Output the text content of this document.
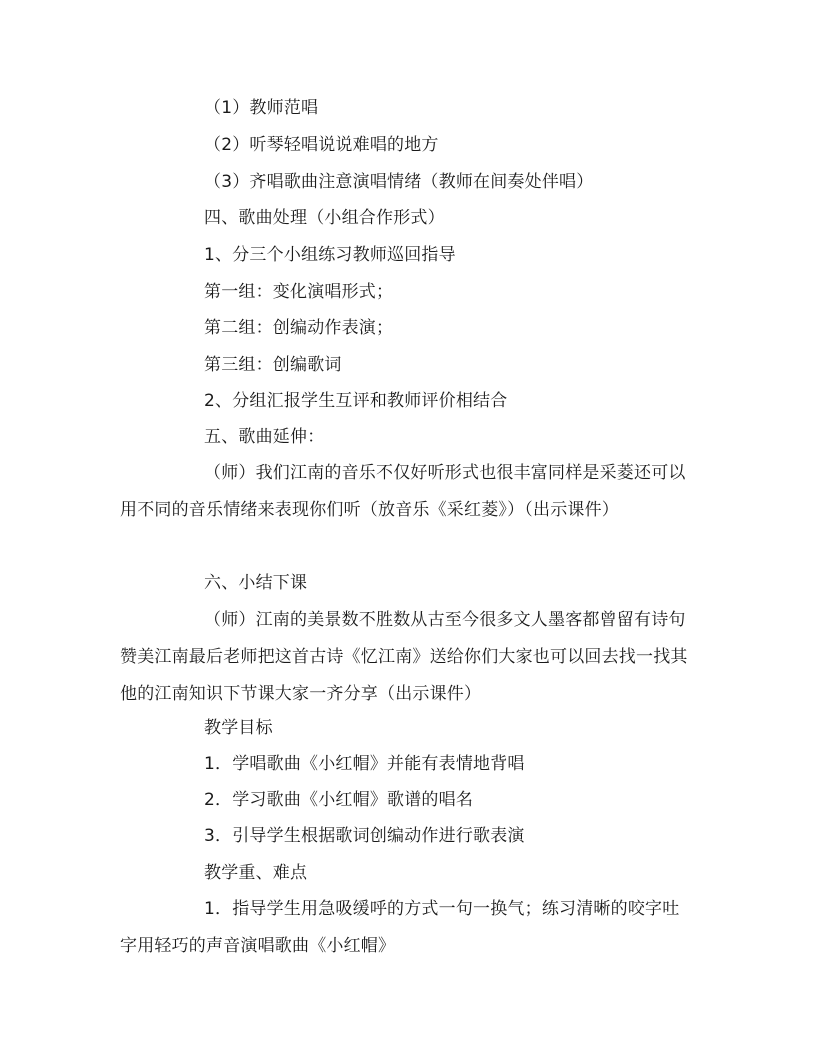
（1）教师范唱
（2）听琴轻唱说说难唱的地方
（3）齐唱歌曲注意演唱情绪（教师在间奏处伴唱）
四、歌曲处理（小组合作形式）
1、分三个小组练习教师巡回指导
第一组：变化演唱形式；
第二组：创编动作表演；
第三组：创编歌词
2、分组汇报学生互评和教师评价相结合
五、歌曲延伸：

（师）我们江南的音乐不仅好听形式也很丰富同样是采菱还可以用不同的音乐情绪来表现你们听（放音乐《采红菱》）（出示课件）

六、小结下课

（师）江南的美景数不胜数从古至今很多文人墨客都曾留有诗句赞美江南最后老师把这首古诗《忆江南》送给你们大家也可以回去找一找其他的江南知识下节课大家一齐分享（出示课件）

教学目标
1．学唱歌曲《小红帽》并能有表情地背唱
2．学习歌曲《小红帽》歌谱的唱名
3．引导学生根据歌词创编动作进行歌表演
教学重、难点

1．指导学生用急吸缓呼的方式一句一换气；练习清晰的咬字吐字用轻巧的声音演唱歌曲《小红帽》
